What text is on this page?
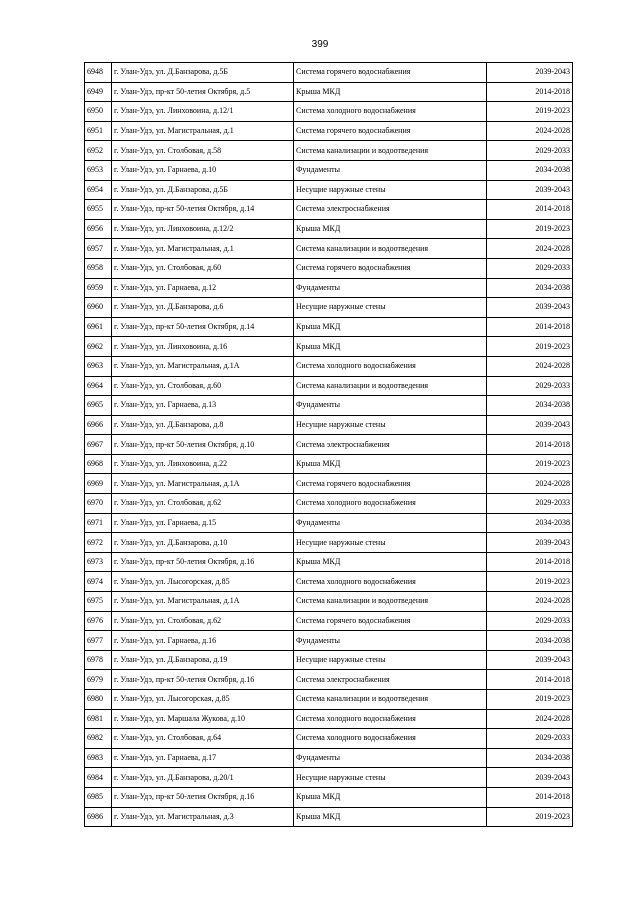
399
6948	г. Улан-Удэ, ул. Д.Банзарова, д.5Б	Система горячего водоснабжения	2039-2043
6949	г. Улан-Удэ, пр-кт 50-летия Октября, д.5	Крыша МКД	2014-2018
6950	г. Улан-Удэ, ул. Линховоина, д.12/1	Система холодного водоснабжения	2019-2023
6951	г. Улан-Удэ, ул. Магистральная, д.1	Система горячего водоснабжения	2024-2028
6952	г. Улан-Удэ, ул. Столбовая, д.58	Система канализации и водоотведения	2029-2033
6953	г. Улан-Удэ, ул. Гарнаева, д.10	Фундаменты	2034-2038
6954	г. Улан-Удэ, ул. Д.Банзарова, д.5Б	Несущие наружные стены	2039-2043
6955	г. Улан-Удэ, пр-кт 50-летия Октября, д.14	Система электроснабжения	2014-2018
6956	г. Улан-Удэ, ул. Линховоина, д.12/2	Крыша МКД	2019-2023
6957	г. Улан-Удэ, ул. Магистральная, д.1	Система канализации и водоотведения	2024-2028
6958	г. Улан-Удэ, ул. Столбовая, д.60	Система горячего водоснабжения	2029-2033
6959	г. Улан-Удэ, ул. Гарнаева, д.12	Фундаменты	2034-2038
6960	г. Улан-Удэ, ул. Д.Банзарова, д.6	Несущие наружные стены	2039-2043
6961	г. Улан-Удэ, пр-кт 50-летия Октября, д.14	Крыша МКД	2014-2018
6962	г. Улан-Удэ, ул. Линховоина, д.16	Крыша МКД	2019-2023
6963	г. Улан-Удэ, ул. Магистральная, д.1А	Система холодного водоснабжения	2024-2028
6964	г. Улан-Удэ, ул. Столбовая, д.60	Система канализации и водоотведения	2029-2033
6965	г. Улан-Удэ, ул. Гарнаева, д.13	Фундаменты	2034-2038
6966	г. Улан-Удэ, ул. Д.Банзарова, д.8	Несущие наружные стены	2039-2043
6967	г. Улан-Удэ, пр-кт 50-летия Октября, д.10	Система электроснабжения	2014-2018
6968	г. Улан-Удэ, ул. Линховоина, д.22	Крыша МКД	2019-2023
6969	г. Улан-Удэ, ул. Магистральная, д.1А	Система горячего водоснабжения	2024-2028
6970	г. Улан-Удэ, ул. Столбовая, д.62	Система холодного водоснабжения	2029-2033
6971	г. Улан-Удэ, ул. Гарнаева, д.15	Фундаменты	2034-2038
6972	г. Улан-Удэ, ул. Д.Банзарова, д.10	Несущие наружные стены	2039-2043
6973	г. Улан-Удэ, пр-кт 50-летия Октября, д.16	Крыша МКД	2014-2018
6974	г. Улан-Удэ, ул. Лысогорская, д.85	Система холодного водоснабжения	2019-2023
6975	г. Улан-Удэ, ул. Магистральная, д.1А	Система канализации и водоотведения	2024-2028
6976	г. Улан-Удэ, ул. Столбовая, д.62	Система горячего водоснабжения	2029-2033
6977	г. Улан-Удэ, ул. Гарнаева, д.16	Фундаменты	2034-2038
6978	г. Улан-Удэ, ул. Д.Банзарова, д.19	Несущие наружные стены	2039-2043
6979	г. Улан-Удэ, пр-кт 50-летия Октября, д.16	Система электроснабжения	2014-2018
6980	г. Улан-Удэ, ул. Лысогорская, д.85	Система канализации и водоотведения	2019-2023
6981	г. Улан-Удэ, ул. Маршала Жукова, д.10	Система холодного водоснабжения	2024-2028
6982	г. Улан-Удэ, ул. Столбовая, д.64	Система холодного водоснабжения	2029-2033
6983	г. Улан-Удэ, ул. Гарнаева, д.17	Фундаменты	2034-2038
6984	г. Улан-Удэ, ул. Д.Банзарова, д.20/1	Несущие наружные стены	2039-2043
6985	г. Улан-Удэ, пр-кт 50-летия Октября, д.16	Крыша МКД	2014-2018
6986	г. Улан-Удэ, ул. Магистральная, д.3	Крыша МКД	2019-2023
